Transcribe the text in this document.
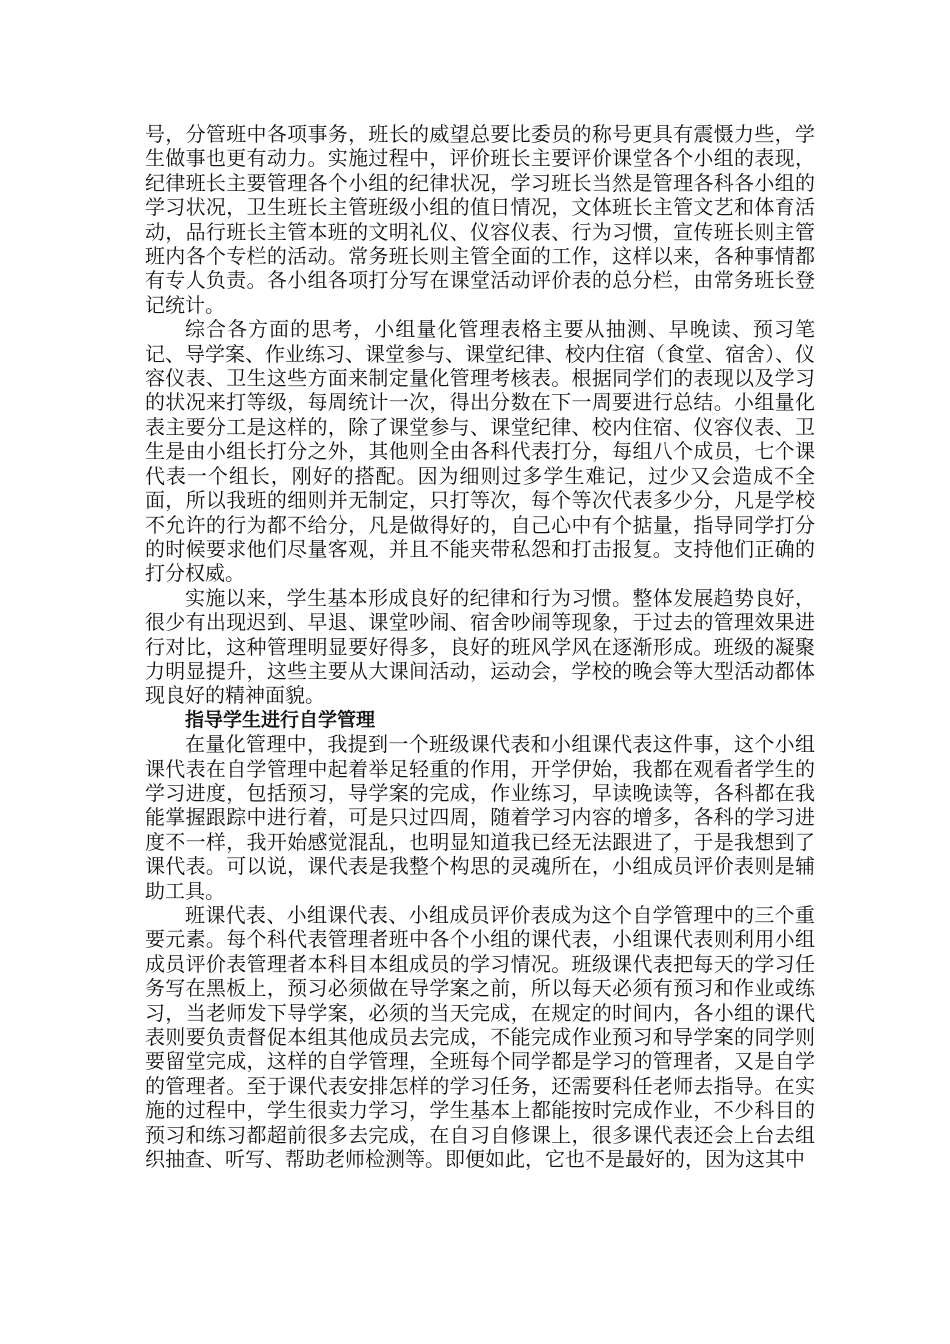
号，分管班中各项事务，班长的威望总要比委员的称号更具有震慑力些，学生做事也更有动力。实施过程中，评价班长主要评价课堂各个小组的表现，纪律班长主要管理各个小组的纪律状况，学习班长当然是管理各科各小组的学习状况，卫生班长主管班级小组的值日情况，文体班长主管文艺和体育活动，品行班长主管本班的文明礼仪、仪容仪表、行为习惯，宣传班长则主管班内各个专栏的活动。常务班长则主管全面的工作，这样以来，各种事情都有专人负责。各小组各项打分写在课堂活动评价表的总分栏，由常务班长登记统计。

综合各方面的思考，小组量化管理表格主要从抽测、早晚读、预习笔记、导学案、作业练习、课堂参与、课堂纪律、校内住宿（食堂、宿舍）、仪容仪表、卫生这些方面来制定量化管理考核表。根据同学们的表现以及学习的状况来打等级，每周统计一次，得出分数在下一周要进行总结。小组量化表主要分工是这样的，除了课堂参与、课堂纪律、校内住宿、仪容仪表、卫生是由小组长打分之外，其他则全由各科代表打分，每组八个成员，七个课代表一个组长，刚好的搭配。因为细则过多学生难记，过少又会造成不全面，所以我班的细则并无制定，只打等次，每个等次代表多少分，凡是学校不允许的行为都不给分，凡是做得好的，自己心中有个掂量，指导同学打分的时候要求他们尽量客观，并且不能夹带私怨和打击报复。支持他们正确的打分权威。

实施以来，学生基本形成良好的纪律和行为习惯。整体发展趋势良好，很少有出现迟到、早退、课堂吵闹、宿舍吵闹等现象，于过去的管理效果进行对比，这种管理明显要好得多，良好的班风学风在逐渐形成。班级的凝聚力明显提升，这些主要从大课间活动，运动会，学校的晚会等大型活动都体现良好的精神面貌。

指导学生进行自学管理

在量化管理中，我提到一个班级课代表和小组课代表这件事，这个小组课代表在自学管理中起着举足轻重的作用，开学伊始，我都在观看者学生的学习进度，包括预习，导学案的完成，作业练习，早读晚读等，各科都在我能掌握跟踪中进行着，可是只过四周，随着学习内容的增多，各科的学习进度不一样，我开始感觉混乱，也明显知道我已经无法跟进了，于是我想到了课代表。可以说，课代表是我整个构思的灵魂所在，小组成员评价表则是辅助工具。

班课代表、小组课代表、小组成员评价表成为这个自学管理中的三个重要元素。每个科代表管理者班中各个小组的课代表，小组课代表则利用小组成员评价表管理者本科目本组成员的学习情况。班级课代表把每天的学习任务写在黑板上，预习必须做在导学案之前，所以每天必须有预习和作业或练习，当老师发下导学案，必须的当天完成，在规定的时间内，各小组的课代表则要负责督促本组其他成员去完成，不能完成作业预习和导学案的同学则要留堂完成，这样的自学管理，全班每个同学都是学习的管理者，又是自学的管理者。至于课代表安排怎样的学习任务，还需要科任老师去指导。在实施的过程中，学生很卖力学习，学生基本上都能按时完成作业，不少科目的预习和练习都超前很多去完成，在自习自修课上，很多课代表还会上台去组织抽查、听写、帮助老师检测等。即便如此，它也不是最好的，因为这其中
